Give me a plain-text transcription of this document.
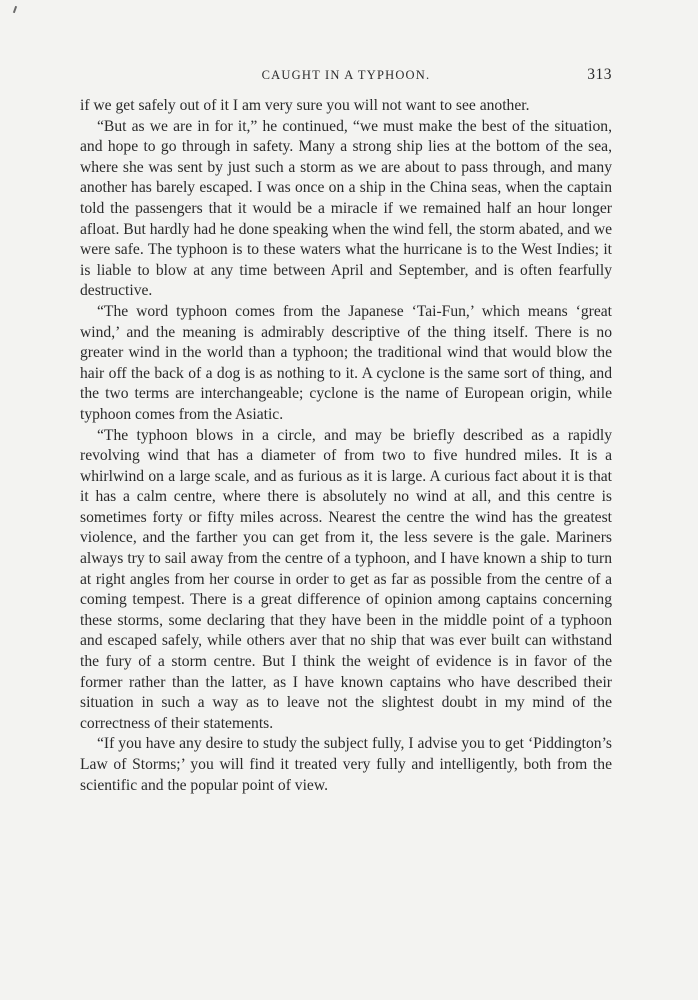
CAUGHT IN A TYPHOON.	313

if we get safely out of it I am very sure you will not want to see another.

“But as we are in for it,” he continued, “we must make the best of the situation, and hope to go through in safety. Many a strong ship lies at the bottom of the sea, where she was sent by just such a storm as we are about to pass through, and many another has barely escaped. I was once on a ship in the China seas, when the captain told the passengers that it would be a miracle if we remained half an hour longer afloat. But hardly had he done speaking when the wind fell, the storm abated, and we were safe. The typhoon is to these waters what the hurricane is to the West Indies; it is liable to blow at any time between April and September, and is often fearfully destructive.

“The word typhoon comes from the Japanese ‘Tai-Fun,’ which means ‘great wind,’ and the meaning is admirably descriptive of the thing itself. There is no greater wind in the world than a typhoon; the traditional wind that would blow the hair off the back of a dog is as nothing to it. A cyclone is the same sort of thing, and the two terms are interchangeable; cyclone is the name of European origin, while typhoon comes from the Asiatic.

“The typhoon blows in a circle, and may be briefly described as a rapidly revolving wind that has a diameter of from two to five hundred miles. It is a whirlwind on a large scale, and as furious as it is large. A curious fact about it is that it has a calm centre, where there is absolutely no wind at all, and this centre is sometimes forty or fifty miles across. Nearest the centre the wind has the greatest violence, and the farther you can get from it, the less severe is the gale. Mariners always try to sail away from the centre of a typhoon, and I have known a ship to turn at right angles from her course in order to get as far as possible from the centre of a coming tempest. There is a great difference of opinion among captains concerning these storms, some declaring that they have been in the middle point of a typhoon and escaped safely, while others aver that no ship that was ever built can withstand the fury of a storm centre. But I think the weight of evidence is in favor of the former rather than the latter, as I have known captains who have described their situation in such a way as to leave not the slightest doubt in my mind of the correctness of their statements.

“If you have any desire to study the subject fully, I advise you to get ‘Piddington’s Law of Storms;’ you will find it treated very fully and intelligently, both from the scientific and the popular point of view.
